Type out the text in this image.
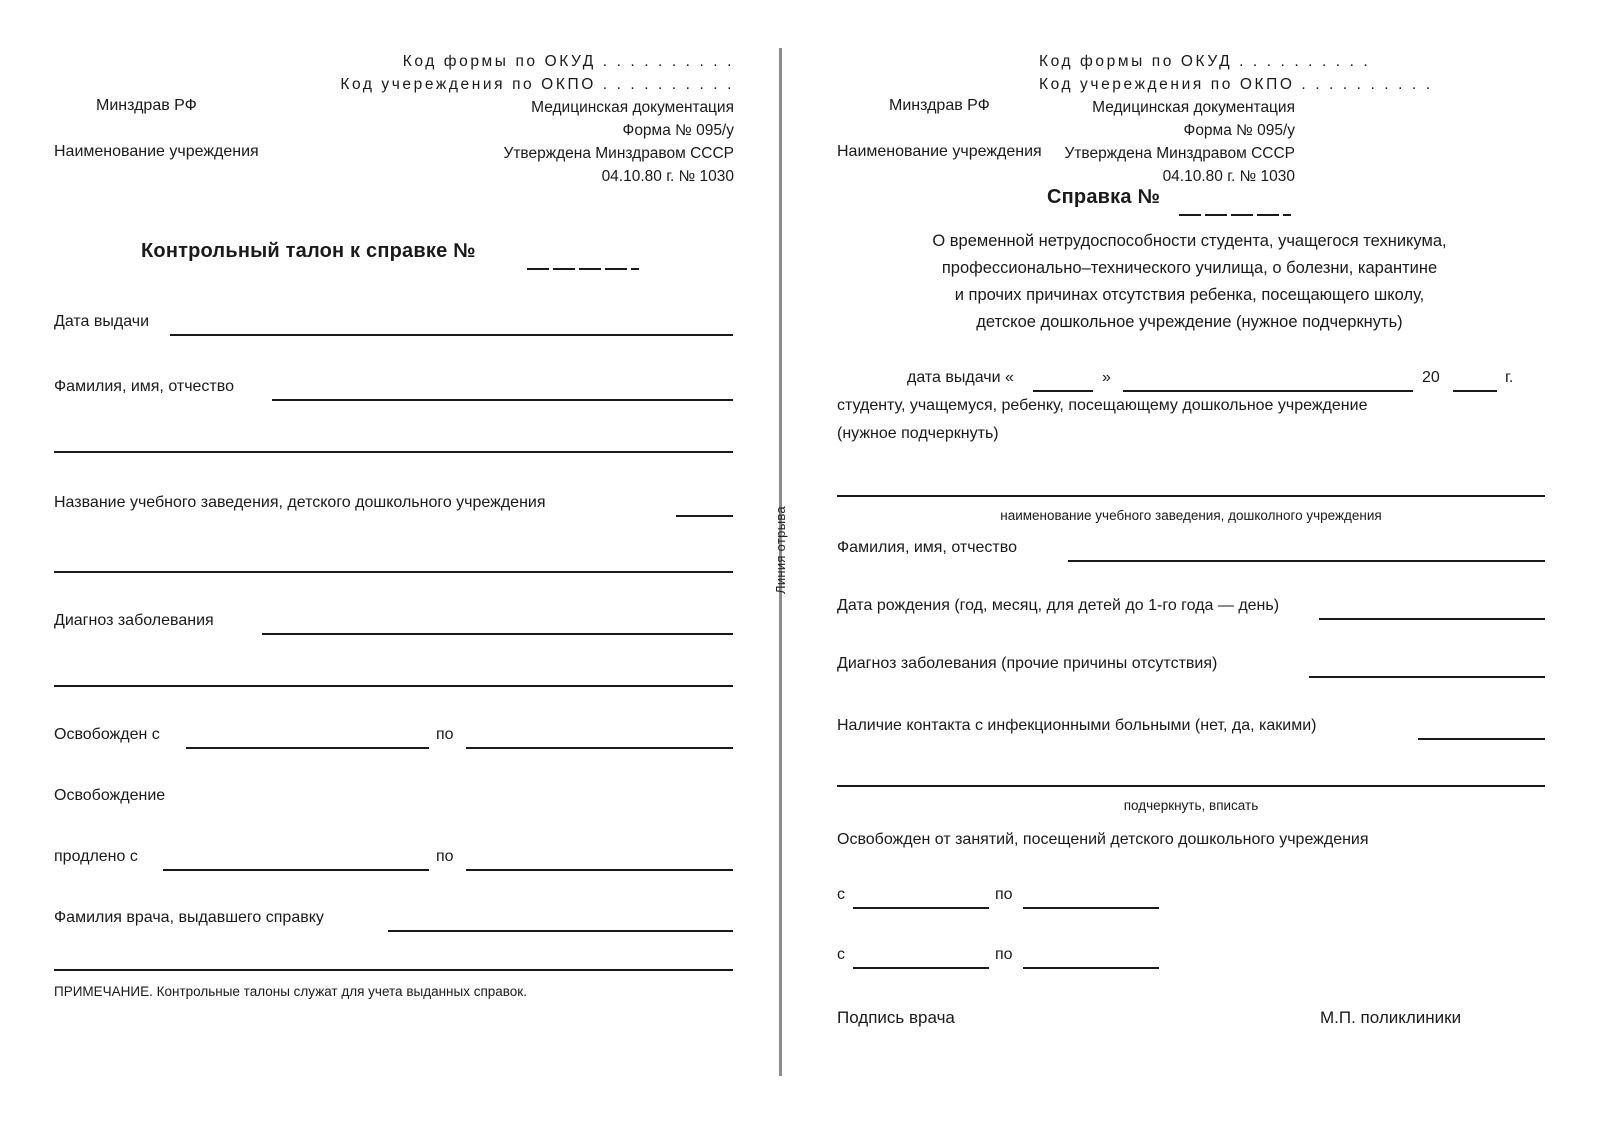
Код формы по ОКУД . . . . . . . . . .
Код учереждения по ОКПО . . . . . . . . . .
Медицинская документация
Форма № 095/у
Утверждена Минздравом СССР
04.10.80 г. № 1030
Минздрав РФ
Наименование учреждения
Контрольный талон к справке №
Дата выдачи
Фамилия, имя, отчество
Название учебного заведения, детского дошкольного учреждения
Диагноз заболевания
Освобожден с	по
Освобождение
продлено с	по
Фамилия врача, выдавшего справку
ПРИМЕЧАНИЕ. Контрольные талоны служат для учета выданных справок.
Линия отрыва
Код формы по ОКУД . . . . . . . . . .
Код учереждения по ОКПО . . . . . . . . . .
Медицинская документация
Форма № 095/у
Утверждена Минздравом СССР
04.10.80 г. № 1030
Минздрав РФ
Наименование учреждения
Справка №
О временной нетрудоспособности студента, учащегося техникума,
профессионально–технического училища, о болезни, карантине
и прочих причинах отсутствия ребенка, посещающего школу,
детское дошкольное учреждение (нужное подчеркнуть)
дата выдачи «	»	20	г.
студенту, учащемуся, ребенку, посещающему дошкольное учреждение
(нужное подчеркнуть)
наименование учебного заведения, дошколного учреждения
Фамилия, имя, отчество
Дата рождения (год, месяц, для детей до 1-го года — день)
Диагноз заболевания (прочие причины отсутствия)
Наличие контакта с инфекционными больными (нет, да, какими)
подчеркнуть, вписать
Освобожден от занятий, посещений детского дошкольного учреждения
с	по
с	по
Подпись врача	М.П. поликлиники
